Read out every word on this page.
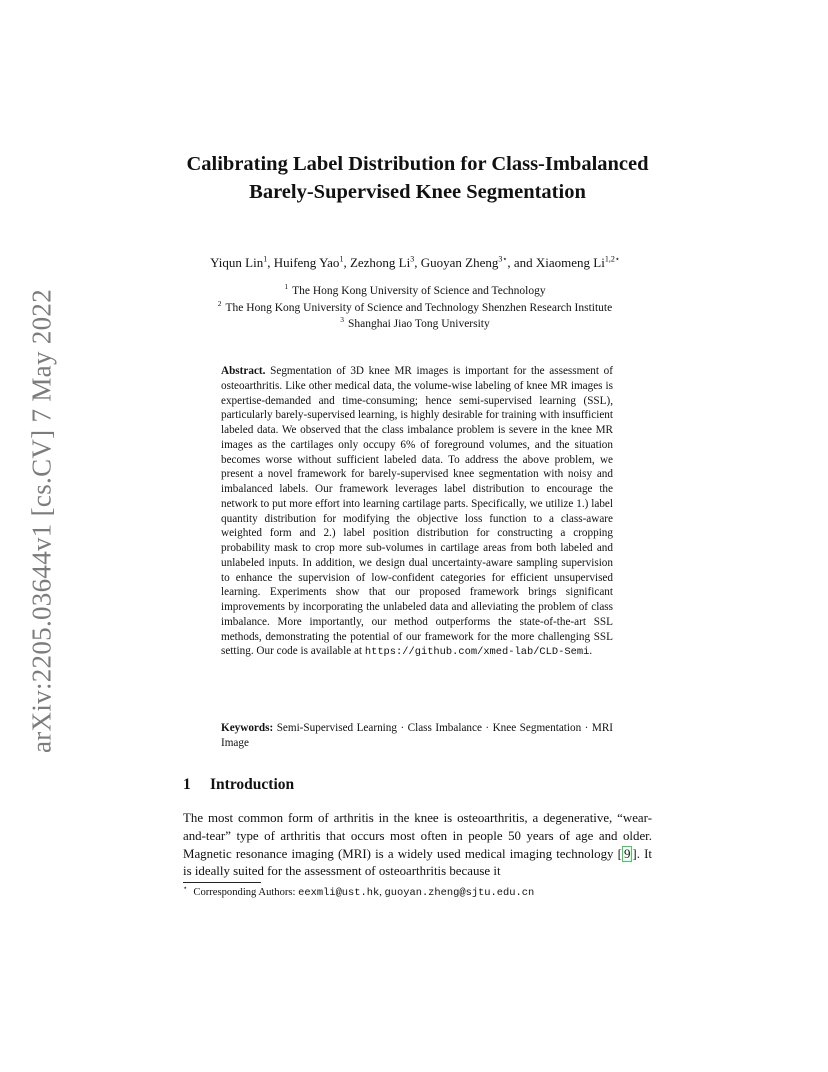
arXiv:2205.03644v1 [cs.CV] 7 May 2022
Calibrating Label Distribution for Class-Imbalanced Barely-Supervised Knee Segmentation
Yiqun Lin$^1$, Huifeng Yao$^1$, Zezhong Li$^3$, Guoyan Zheng$^{3⋆}$, and Xiaomeng $Li^{1,2⋆}$
$^1$ The Hong Kong University of Science and Technology
$^2$ The Hong Kong University of Science and Technology Shenzhen Research Institute
$^3$ Shanghai Jiao Tong University
Abstract. Segmentation of 3D knee MR images is important for the assessment of osteoarthritis. Like other medical data, the volume-wise labeling of knee MR images is expertise-demanded and time-consuming; hence semi-supervised learning (SSL), particularly barely-supervised learning, is highly desirable for training with insufficient labeled data. We observed that the class imbalance problem is severe in the knee MR images as the cartilages only occupy 6% of foreground volumes, and the situation becomes worse without sufficient labeled data. To address the above problem, we present a novel framework for barely-supervised knee segmentation with noisy and imbalanced labels. Our framework leverages label distribution to encourage the network to put more effort into learning cartilage parts. Specifically, we utilize 1.) label quantity distribution for modifying the objective loss function to a class-aware weighted form and 2.) label position distribution for constructing a cropping probability mask to crop more sub-volumes in cartilage areas from both labeled and unlabeled inputs. In addition, we design dual uncertainty-aware sampling supervision to enhance the supervision of low-confident categories for efficient unsupervised learning. Experiments show that our proposed framework brings significant improvements by incorporating the unlabeled data and alleviating the problem of class imbalance. More importantly, our method outperforms the state-of-the-art SSL methods, demonstrating the potential of our framework for the more challenging SSL setting. Our code is available at https://github.com/xmed-lab/CLD-Semi.
Keywords: Semi-Supervised Learning · Class Imbalance · Knee Segmentation · MRI Image
1 Introduction
The most common form of arthritis in the knee is osteoarthritis, a degenerative, “wear-and-tear” type of arthritis that occurs most often in people 50 years of age and older. Magnetic resonance imaging (MRI) is a widely used medical imaging technology [ 9 ]. It is ideally suited for the assessment of osteoarthritis because it
⋆ Corresponding Authors: eexmli@ust.hk, guoyan.zheng@sjtu.edu.cn
